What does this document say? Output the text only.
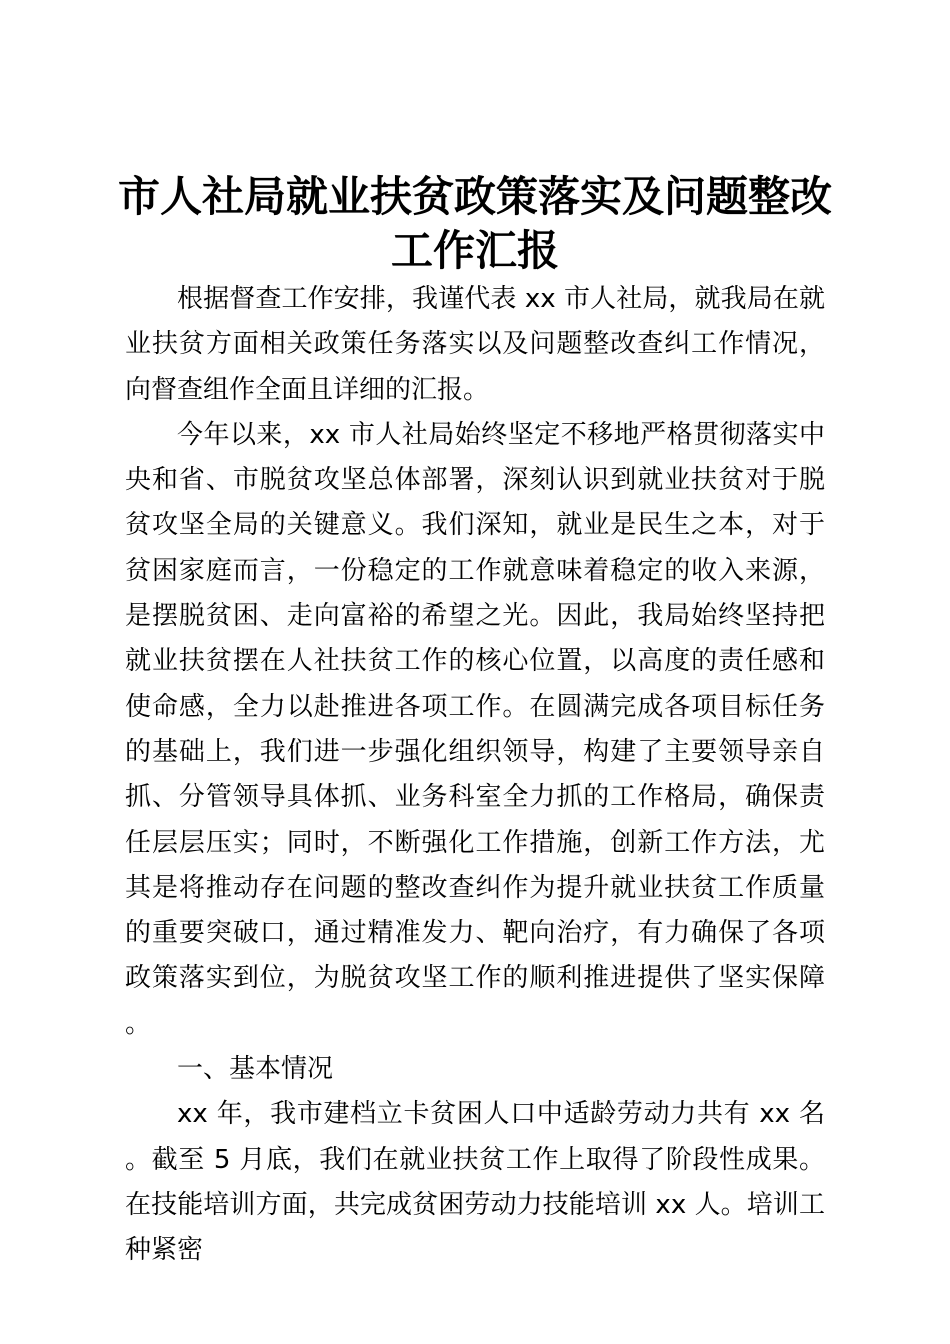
市人社局就业扶贫政策落实及问题整改
工作汇报

根据督查工作安排，我谨代表 xx 市人社局，就我局在就业扶贫方面相关政策任务落实以及问题整改查纠工作情况，向督查组作全面且详细的汇报。

今年以来，xx 市人社局始终坚定不移地严格贯彻落实中央和省、市脱贫攻坚总体部署，深刻认识到就业扶贫对于脱贫攻坚全局的关键意义。我们深知，就业是民生之本，对于贫困家庭而言，一份稳定的工作就意味着稳定的收入来源，是摆脱贫困、走向富裕的希望之光。因此，我局始终坚持把就业扶贫摆在人社扶贫工作的核心位置，以高度的责任感和使命感，全力以赴推进各项工作。在圆满完成各项目标任务的基础上，我们进一步强化组织领导，构建了主要领导亲自抓、分管领导具体抓、业务科室全力抓的工作格局，确保责任层层压实；同时，不断强化工作措施，创新工作方法，尤其是将推动存在问题的整改查纠作为提升就业扶贫工作质量的重要突破口，通过精准发力、靶向治疗，有力确保了各项政策落实到位，为脱贫攻坚工作的顺利推进提供了坚实保障。

一、基本情况

xx 年，我市建档立卡贫困人口中适龄劳动力共有 xx 名。截至 5 月底，我们在就业扶贫工作上取得了阶段性成果。在技能培训方面，共完成贫困劳动力技能培训 xx 人。培训工种紧密
